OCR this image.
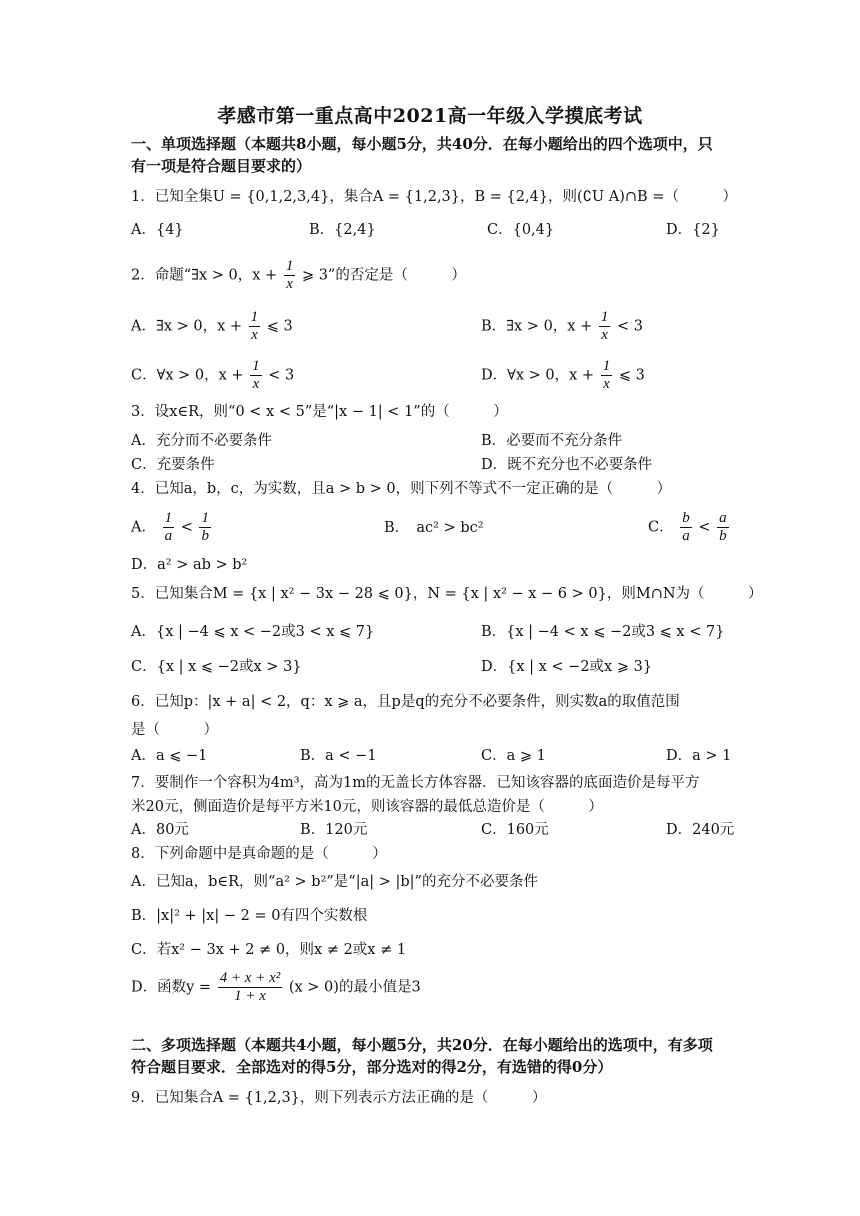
孝感市第一重点高中2021高一年级入学摸底考试
一、单项选择题（本题共8小题，每小题5分，共40分．在每小题给出的四个选项中，只
有一项是符合题目要求的）
1．已知全集U = {0,1,2,3,4}，集合A = {1,2,3}，B = {2,4}，则(∁U A)∩B =（　　　）
A．{4}	B．{2,4}	C．{0,4}	D．{2}
2．命题“∃x > 0，$x + \frac{1}{x}$ ⩾ 3”的否定是（　　　）
A．∃x > 0，$x + \frac{1}{x}$ ⩽ 3	B．∃x > 0，$x + \frac{1}{x} < 3$
C．∀x > 0，$x + \frac{1}{x} < 3$	D．∀x > 0，$x + \frac{1}{x}$ ⩽ 3
3．设x∈R，则“0 < x < 5”是“|x − 1| < 1”的（　　　）
A．充分而不必要条件	B．必要而不充分条件
C．充要条件	D．既不充分也不必要条件
4．已知a，b，c，为实数，且a > b > 0，则下列不等式不一定正确的是（　　　）
A． $\frac{1}{a} < \frac{1}{b}$	B．　ac² > bc²	C． $\frac{b}{a} < \frac{a}{b}$
D．a² > ab > b²
5．已知集合M = {x | x² − 3x − 28 ⩽ 0}，N = {x | x² − x − 6 > 0}，则M∩N为（　　　）
A．{x | −4 ⩽ x < −2或3 < x ⩽ 7}	B．{x | −4 < x ⩽ −2或3 ⩽ x < 7}
C．{x | x ⩽ −2或x > 3}	D．{x | x < −2或x ⩾ 3}
6．已知p：|x + a| < 2，q：x ⩾ a，且p是q的充分不必要条件，则实数a的取值范围
是（　　　）
A．a ⩽ −1	B．a < −1	C．a ⩾ 1	D．a > 1
7．要制作一个容积为4m³，高为1m的无盖长方体容器．已知该容器的底面造价是每平方
米20元，侧面造价是每平方米10元，则该容器的最低总造价是（　　　）
A．80元	B．120元	C．160元	D．240元
8．下列命题中是真命题的是（　　　）
A．已知a，b∈R，则“a² > b²”是“|a| > |b|”的充分不必要条件
B．|x|² + |x| − 2 = 0有四个实数根
C．若x² − 3x + 2 ≠ 0，则x ≠ 2或x ≠ 1
D．函数$y = \frac{\text{4 + x + x²}}{1 + x} (x > 0)$的最小值是3
二、多项选择题（本题共4小题，每小题5分，共20分．在每小题给出的选项中，有多项
符合题目要求．全部选对的得5分，部分选对的得2分，有选错的得0分）
9．已知集合A = {1,2,3}，则下列表示方法正确的是（　　　）
